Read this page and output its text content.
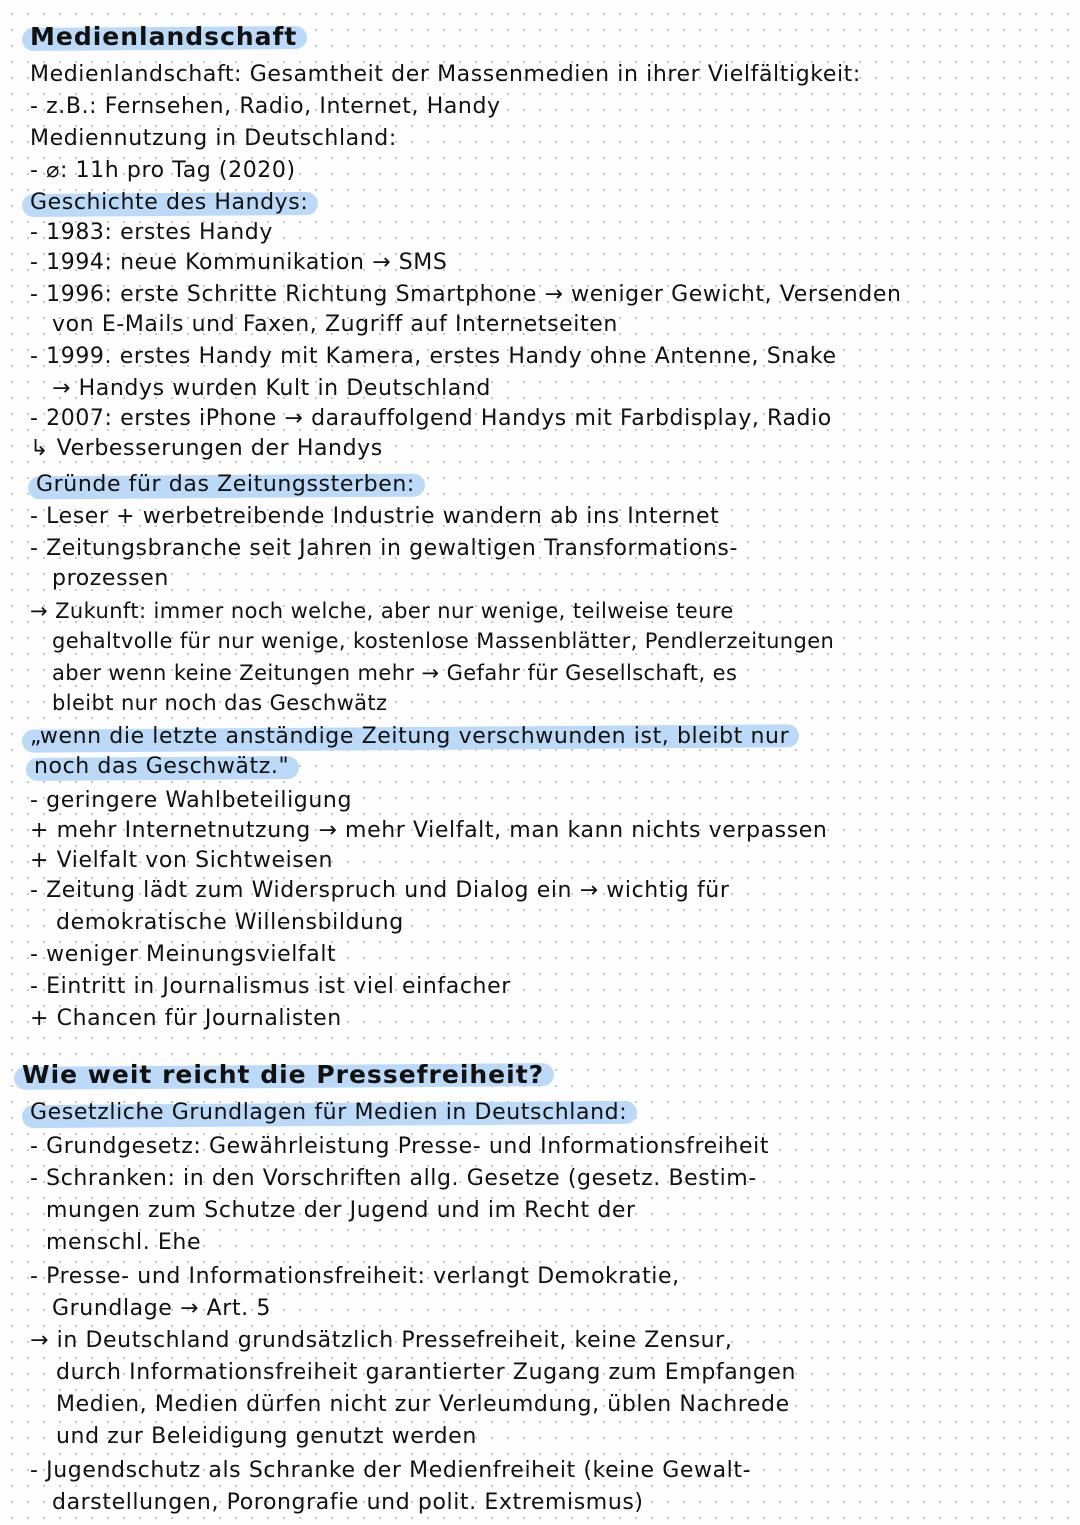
Medienlandschaft
Medienlandschaft: Gesamtheit der Massenmedien in ihrer Vielfältigkeit:
- z.B.: Fernsehen, Radio, Internet, Handy
Mediennutzung in Deutschland:
- ⌀: 11h pro Tag (2020)
Geschichte des Handys:
- 1983: erstes Handy
- 1994: neue Kommunikation → SMS
- 1996: erste Schritte Richtung Smartphone → weniger Gewicht, Versenden
von E-Mails und Faxen, Zugriff auf Internetseiten
- 1999. erstes Handy mit Kamera, erstes Handy ohne Antenne, Snake
→ Handys wurden Kult in Deutschland
- 2007: erstes iPhone → darauffolgend Handys mit Farbdisplay, Radio
↳ Verbesserungen der Handys
Gründe für das Zeitungssterben:
- Leser + werbetreibende Industrie wandern ab ins Internet
- Zeitungsbranche seit Jahren in gewaltigen Transformations-
prozessen
→ Zukunft: immer noch welche, aber nur wenige, teilweise teure
gehaltvolle für nur wenige, kostenlose Massenblätter, Pendlerzeitungen
aber wenn keine Zeitungen mehr → Gefahr für Gesellschaft, es
bleibt nur noch das Geschwätz
„wenn die letzte anständige Zeitung verschwunden ist, bleibt nur
noch das Geschwätz."
- geringere Wahlbeteiligung
+ mehr Internetnutzung → mehr Vielfalt, man kann nichts verpassen
+ Vielfalt von Sichtweisen
- Zeitung lädt zum Widerspruch und Dialog ein → wichtig für
demokratische Willensbildung
- weniger Meinungsvielfalt
- Eintritt in Journalismus ist viel einfacher
+ Chancen für Journalisten
Wie weit reicht die Pressefreiheit?
Gesetzliche Grundlagen für Medien in Deutschland:
- Grundgesetz: Gewährleistung Presse- und Informationsfreiheit
- Schranken: in den Vorschriften allg. Gesetze (gesetz. Bestim-
mungen zum Schutze der Jugend und im Recht der
menschl. Ehe
- Presse- und Informationsfreiheit: verlangt Demokratie,
Grundlage → Art. 5
→ in Deutschland grundsätzlich Pressefreiheit, keine Zensur,
durch Informationsfreiheit garantierter Zugang zum Empfangen
Medien, Medien dürfen nicht zur Verleumdung, üblen Nachrede
und zur Beleidigung genutzt werden
- Jugendschutz als Schranke der Medienfreiheit (keine Gewalt-
darstellungen, Porongrafie und polit. Extremismus)
